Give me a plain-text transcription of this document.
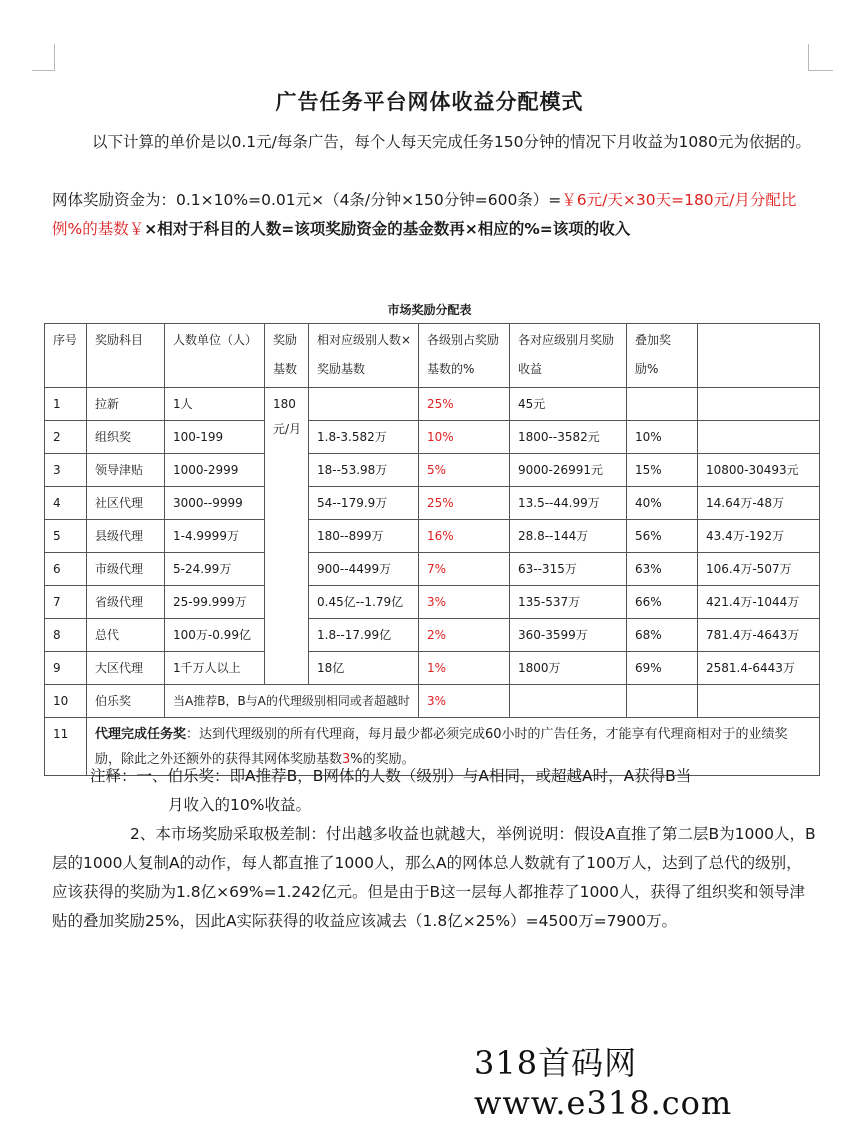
广告任务平台网体收益分配模式
以下计算的单价是以0.1元/每条广告，每个人每天完成任务150分钟的情况下月收益为1080元为依据的。
网体奖励资金为：0.1×10%=0.01元×（4条/分钟×150分钟=600条）=￥6元/天×30天=180元/月分配比例%的基数￥×相对于科目的人数=该项奖励资金的基金数再×相应的%=该项的收入
市场奖励分配表
序号	奖励科目	人数单位（人）	奖励基数	相对应级别人数×奖励基数	各级别占奖励基数的%	各对应级别月奖励收益	叠加奖励%	
1	拉新	1人	180元/月		25%	45元		
2	组织奖	100-199		1.8-3.582万	10%	1800--3582元	10%	
3	领导津贴	1000-2999		18--53.98万	5%	9000-26991元	15%	10800-30493元
4	社区代理	3000--9999		54--179.9万	25%	13.5--44.99万	40%	14.64万-48万
5	县级代理	1-4.9999万		180--899万	16%	28.8--144万	56%	43.4万-192万
6	市级代理	5-24.99万		900--4499万	7%	63--315万	63%	106.4万-507万
7	省级代理	25-99.999万		0.45亿--1.79亿	3%	135-537万	66%	421.4万-1044万
8	总代	100万-0.99亿		1.8--17.99亿	2%	360-3599万	68%	781.4万-4643万
9	大区代理	1千万人以上		18亿	1%	1800万	69%	2581.4-6443万
10	伯乐奖	当A推荐B，B与A的代理级别相同或者超越时			3%			
11	代理完成任务奖：达到代理级别的所有代理商，每月最少都必须完成60小时的广告任务，才能享有代理商相对于的业绩奖励，除此之外还额外的获得其网体奖励基数3%的奖励。							
注释：一、伯乐奖：即A推荐B，B网体的人数（级别）与A相同，或超越A时，A获得B当
月收入的10%收益。
2、本市场奖励采取极差制：付出越多收益也就越大，举例说明：假设A直推了第二层B为1000人，B层的1000人复制A的动作，每人都直推了1000人，那么A的网体总人数就有了100万人，达到了总代的级别，应该获得的奖励为1.8亿×69%=1.242亿元。但是由于B这一层每人都推荐了1000人，获得了组织奖和领导津贴的叠加奖励25%，因此A实际获得的收益应该减去（1.8亿×25%）=4500万=7900万。
318首码网www.e318.com
